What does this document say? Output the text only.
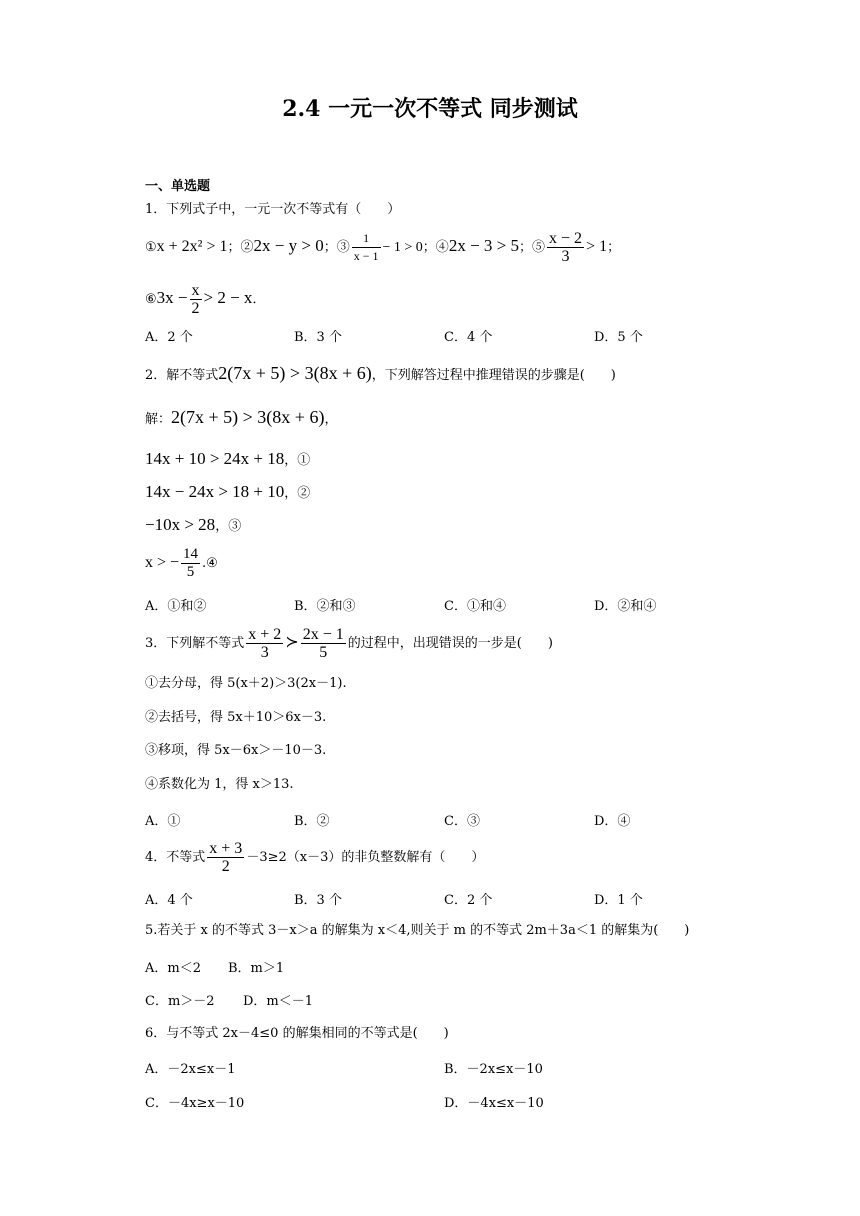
2.4 一元一次不等式 同步测试
一、单选题
1．下列式子中，一元一次不等式有（　　）
①x + 2x² > 1；②2x − y > 0；③ $\frac{1}{x - 1} - 1 > 0$；④2x − 3 > 5；⑤ $\frac{x - 2}{3} > 1$；
⑥3x − $\frac{x}{2} > 2 - x$．
A．2 个	B．3 个	C．4 个	D．5 个
2．解不等式2(7x + 5) > 3(8x + 6)，下列解答过程中推理错误的步骤是(　　)
解：2(7x + 5) > 3(8x + 6)，
14x + 10 > 24x + 18，①
14x − 24x > 18 + 10，②
−10x > 28，③
x > − $\frac{14}{5}$ .④
A．①和②	B．②和③	C．①和④	D．②和④
3．下列解不等式 $\frac{x + 2}{3}$ ≻ $\frac{2x - 1}{5}$ 的过程中，出现错误的一步是(　　)
①去分母，得 5(x＋2)＞3(2x－1).
②去括号，得 5x＋10＞6x－3.
③移项，得 5x－6x＞－10－3.
④系数化为 1，得 x＞13.
A．①	B．②	C．③	D．④
4．不等式 $\frac{x + 3}{2} -3\ge 2(x-3)$的非负整数解有（　　）
A．4 个	B．3 个	C．2 个	D．1 个
5.若关于 x 的不等式 3－x＞a 的解集为 x＜4,则关于 m 的不等式 2m＋3a＜1 的解集为(　　)
A．m＜2 B．m＞1
C．m＞－2 D．m＜－1
6．与不等式 2x－4≤0 的解集相同的不等式是(　　)
A．－2x≤x－1	B．－2x≤x－10
C．－4x≥x－10	D．－4x≤x－10
